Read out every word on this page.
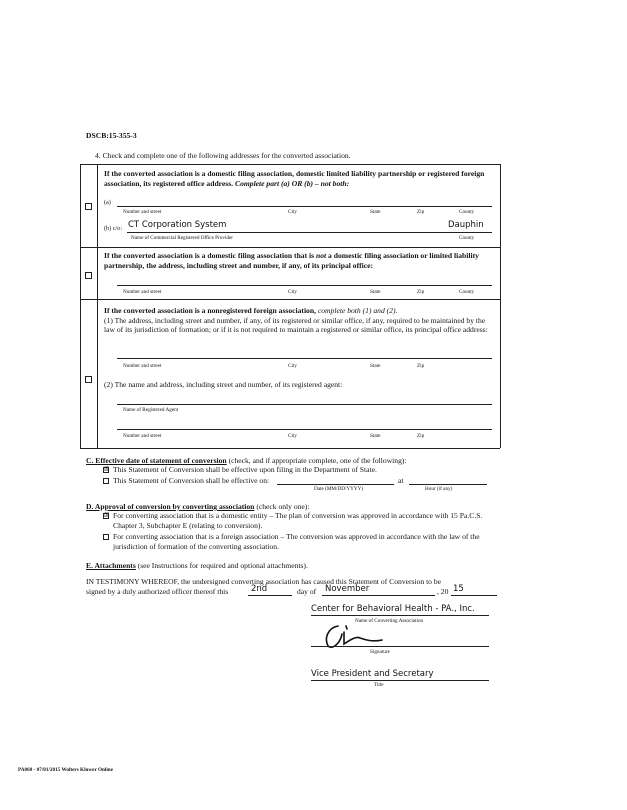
DSCB:15-355-3
4. Check and complete one of the following addresses for the converted association.
If the converted association is a domestic filing association, domestic limited liability partnership or registered foreign association, its registered office address. Complete part (a) OR (b) – not both:
(a)
Number and street	City	State	Zip	County
(b) c/o: CT Corporation System	Dauphin
Name of Commercial Registered Office Provider	County
If the converted association is a domestic filing association that is not a domestic filing association or limited liability partnership, the address, including street and number, if any, of its principal office:
Number and street	City	State	Zip	County
If the converted association is a nonregistered foreign association, complete both (1) and (2).
(1) The address, including street and number, if any, of its registered or similar office, if any, required to be maintained by the law of its jurisdiction of formation; or if it is not required to maintain a registered or similar office, its principal office address:
Number and street	City	State	Zip
(2) The name and address, including street and number, of its registered agent:
Name of Registered Agent
Number and street	City	State	Zip
C. Effective date of statement of conversion (check, and if appropriate complete, one of the following):
☒ This Statement of Conversion shall be effective upon filing in the Department of State.
This Statement of Conversion shall be effective on:	at
Date (MM/DD/YYYY)	Hour (if any)
D. Approval of conversion by converting association (check only one):
☒ For converting association that is a domestic entity – The plan of conversion was approved in accordance with 15 Pa.C.S. Chapter 3, Subchapter E (relating to conversion).
For converting association that is a foreign association – The conversion was approved in accordance with the law of the jurisdiction of formation of the converting association.
E. Attachments (see Instructions for required and optional attachments).
IN TESTIMONY WHEREOF, the undersigned converting association has caused this Statement of Conversion to be
signed by a duly authorized officer thereof this	2nd	day of November	, 20 15
Center for Behavioral Health - PA., Inc.
Name of Converting Association
Signature
Vice President and Secretary
Title
PA068 - 07/01/2015 Wolters Kluwer Online
